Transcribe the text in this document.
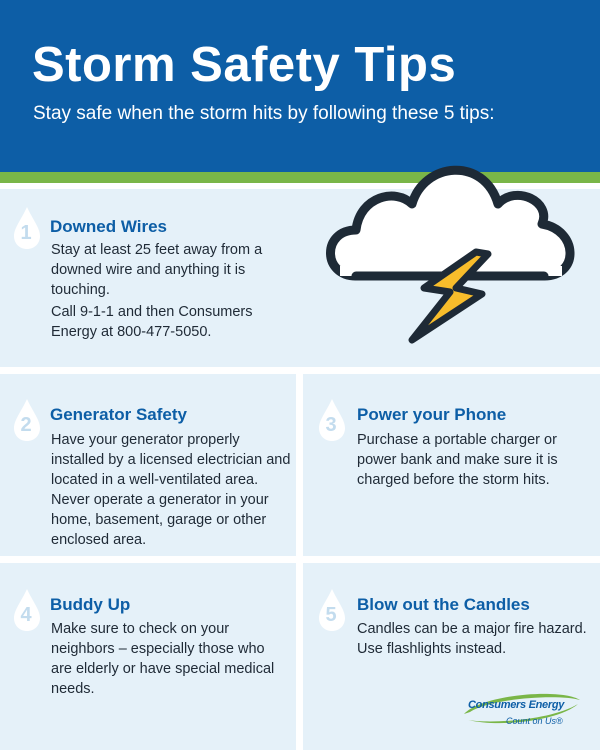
Storm Safety Tips

Stay safe when the storm hits by following these 5 tips:

1	Downed Wires

Stay at least 25 feet away from a downed wire and anything it is touching.

Call 9-1-1 and then Consumers Energy at 800-477-5050.

2	Generator Safety

Have your generator properly installed by a licensed electrician and located in a well-ventilated area. Never operate a generator in your home, basement, garage or other enclosed area.

3	Power your Phone

Purchase a portable charger or power bank and make sure it is charged before the storm hits.

4	Buddy Up

Make sure to check on your neighbors – especially those who are elderly or have special medical needs.

5	Blow out the Candles

Candles can be a major fire hazard. Use flashlights instead.

Consumers Energy
Count on Us®
